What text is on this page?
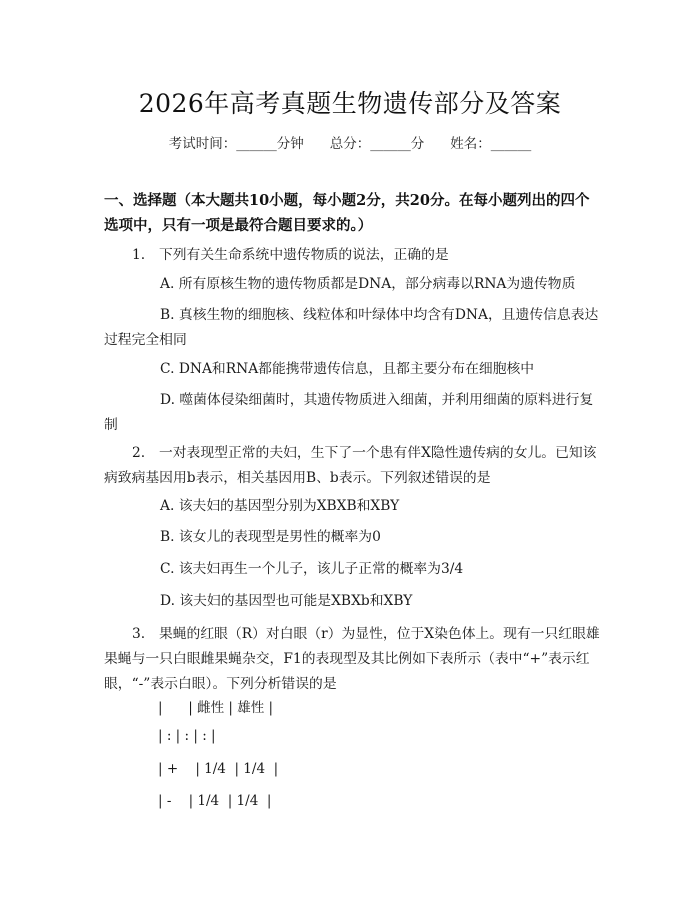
2026年高考真题生物遗传部分及答案
考试时间：______分钟 总分：______分 姓名：______
一、选择题（本大题共10小题，每小题2分，共20分。在每小题列出的四个选项中，只有一项是最符合题目要求的。）
1.　下列有关生命系统中遗传物质的说法，正确的是
A. 所有原核生物的遗传物质都是DNA，部分病毒以RNA为遗传物质
B. 真核生物的细胞核、线粒体和叶绿体中均含有DNA，且遗传信息表达过程完全相同
C. DNA和RNA都能携带遗传信息，且都主要分布在细胞核中
D. 噬菌体侵染细菌时，其遗传物质进入细菌，并利用细菌的原料进行复制
2.　一对表现型正常的夫妇，生下了一个患有伴X隐性遗传病的女儿。已知该病致病基因用b表示，相关基因用B、b表示。下列叙述错误的是
A. 该夫妇的基因型分别为XBXB和XBY
B. 该女儿的表现型是男性的概率为0
C. 该夫妇再生一个儿子，该儿子正常的概率为3/4
D. 该夫妇的基因型也可能是XBXb和XBY
3.　果蝇的红眼（R）对白眼（r）为显性，位于X染色体上。现有一只红眼雄果蝇与一只白眼雌果蝇杂交，F1的表现型及其比例如下表所示（表中“+”表示红眼，“-”表示白眼）。下列分析错误的是
|      | 雌性 | 雄性 |
| : | : | : |
| +    | 1/4  | 1/4  |
| -    | 1/4  | 1/4  |
